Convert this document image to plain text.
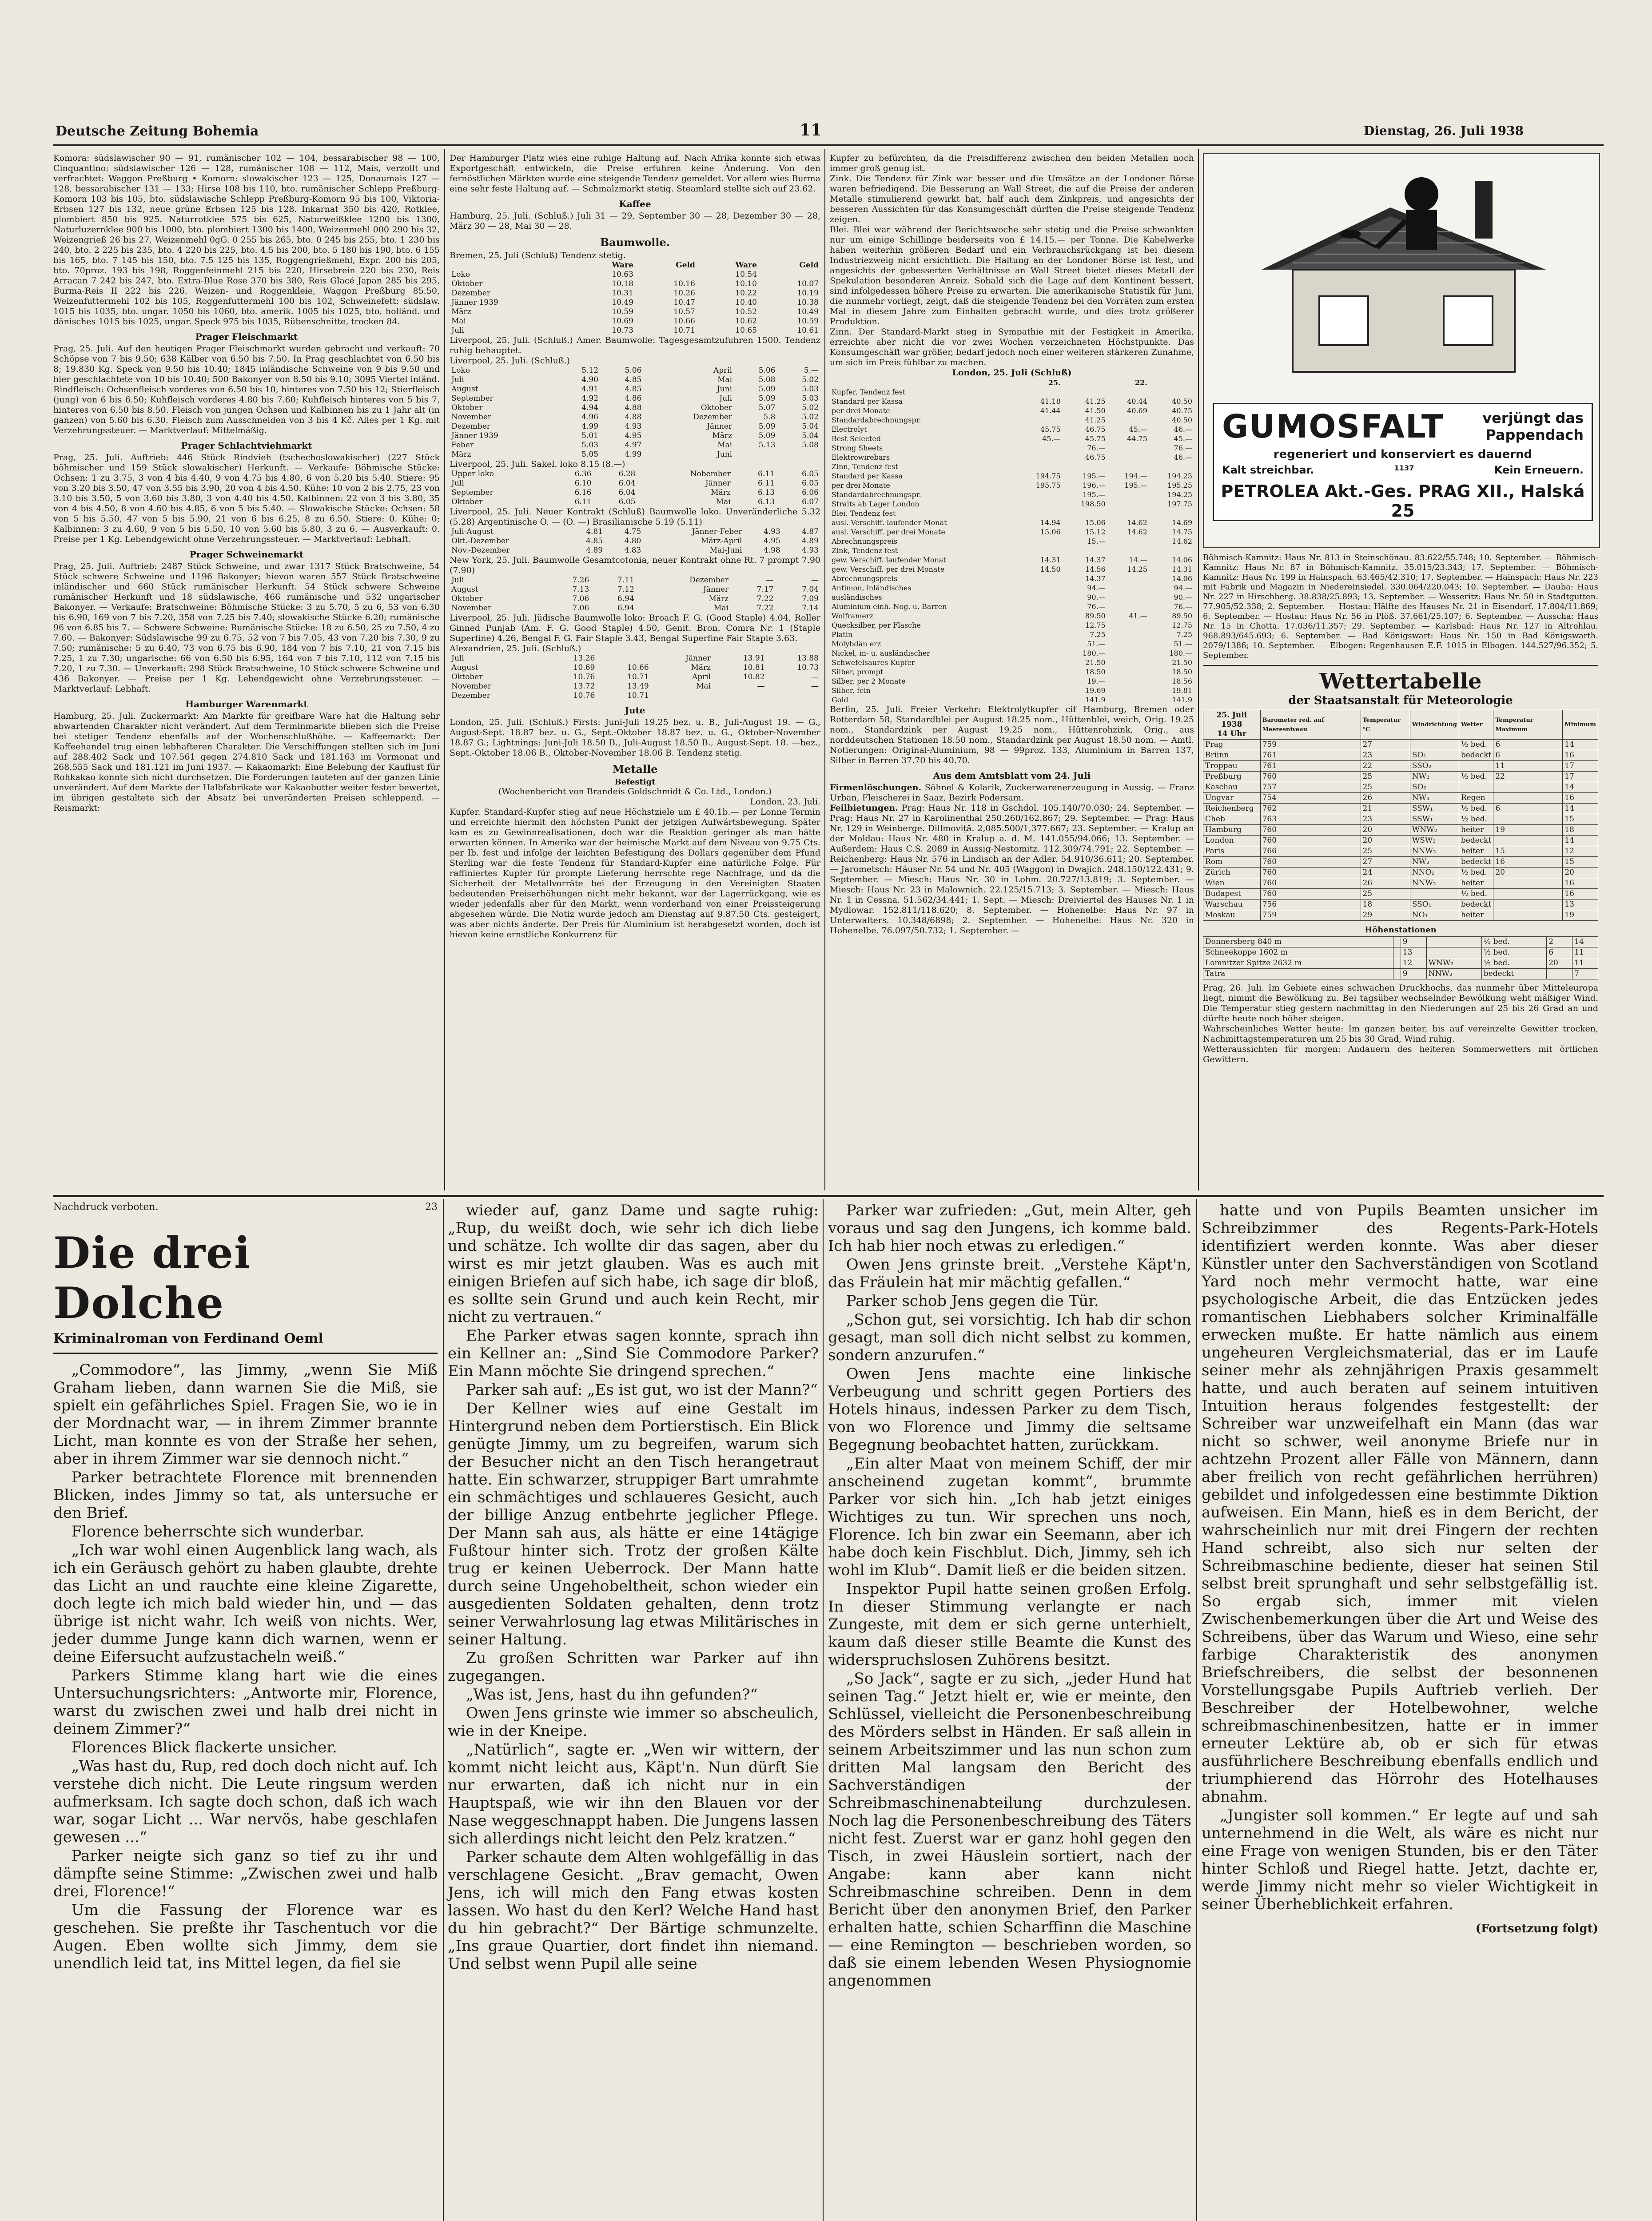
Deutsche Zeitung Bohemia	11	Dienstag, 26. Juli 1938
Komora: südslawischer 90 — 91, rumänischer 102 — 104, bessarabischer 98 — 100, Cinquantino: südslawischer 126 — 128, rumänischer 108 — 112, Mais, verzollt und verfrachtet: Waggon Preßburg • Komorn: slowakischer 123 — 125, Donaumais 127 — 128, bessarabischer 131 — 133; Hirse 108 bis 110, bto. rumänischer Schlepp Preßburg-Komorn 103 bis 105, bto. südslawische Schlepp Preßburg-Komorn 95 bis 100, Viktoria-Erbsen 127 bis 132, neue grüne Erbsen 125 bis 128. Inkarnat 350 bis 420, Rotklee, plombiert 850 bis 925. Naturrotklee 575 bis 625, Naturweißklee 1200 bis 1300, Naturluzernklee 900 bis 1000, bto. plombiert 1300 bis 1400, Weizenmehl 000 290 bis 32, Weizengrieß 26 bis 27, Weizenmehl 0gG. 0 255 bis 265, bto. 0 245 bis 255, bto. 1 230 bis 240, bto. 2 225 bis 235, bto. 4 220 bis 225, bto. 4.5 bis 200, bto. 5 180 bis 190, bto. 6 155 bis 165, bto. 7 145 bis 150, bto. 7.5 125 bis 135, Roggengrießmehl, Expr. 200 bis 205, bto. 70proz. 193 bis 198, Roggenfeinmehl 215 bis 220, Hirsebrein 220 bis 230, Reis Arracan 7 242 bis 247, bto. Extra-Blue Rose 370 bis 380, Reis Glacé Japan 285 bis 295, Burma-Reis II 222 bis 226. Weizen- und Roggenkleie, Waggon Preßburg 85.50, Weizenfuttermehl 102 bis 105, Roggenfuttermehl 100 bis 102, Schweinefett: südslaw. 1015 bis 1035, bto. ungar. 1050 bis 1060, bto. amerik. 1005 bis 1025, bto. holländ. und dänisches 1015 bis 1025, ungar. Speck 975 bis 1035, Rübenschnitte, trocken 84.
Prager Fleischmarkt
Prag, 25. Juli. Auf den heutigen Prager Fleischmarkt wurden gebracht und verkauft: 70 Schöpse von 7 bis 9.50; 638 Kälber von 6.50 bis 7.50. In Prag geschlachtet von 6.50 bis 8; 19.830 Kg. Speck von 9.50 bis 10.40; 1845 inländische Schweine von 9 bis 9.50 und hier geschlachtete von 10 bis 10.40; 500 Bakonyer von 8.50 bis 9.10; 3095 Viertel inländ. Rindfleisch: Ochsenfleisch vorderes von 6.50 bis 10, hinteres von 7.50 bis 12; Stierfleisch (jung) von 6 bis 6.50; Kuhfleisch vorderes 4.80 bis 7.60; Kuhfleisch hinteres von 5 bis 7, hinteres von 6.50 bis 8.50. Fleisch von jungen Ochsen und Kalbinnen bis zu 1 Jahr alt (in ganzen) von 5.60 bis 6.30. Fleisch zum Ausschneiden von 3 bis 4 Kč. Alles per 1 Kg. mit Verzehrungssteuer. — Marktverlauf: Mittelmäßig.
Prager Schlachtviehmarkt
Prag, 25. Juli. Auftrieb: 446 Stück Rindvieh (tschechoslowakischer) (227 Stück böhmischer und 159 Stück slowakischer) Herkunft. — Verkaufe: Böhmische Stücke: Ochsen: 1 zu 3.75, 3 von 4 bis 4.40, 9 von 4.75 bis 4.80, 6 von 5.20 bis 5.40. Stiere: 95 von 3.20 bis 3.50, 47 von 3.55 bis 3.90, 20 von 4 bis 4.50. Kühe: 10 von 2 bis 2.75, 23 von 3.10 bis 3.50, 5 von 3.60 bis 3.80, 3 von 4.40 bis 4.50. Kalbinnen: 22 von 3 bis 3.80, 35 von 4 bis 4.50, 8 von 4.60 bis 4.85, 6 von 5 bis 5.40. — Slowakische Stücke: Ochsen: 58 von 5 bis 5.50, 47 von 5 bis 5.90, 21 von 6 bis 6.25, 8 zu 6.50. Stiere: 0. Kühe: 0; Kalbinnen: 3 zu 4.60, 9 von 5 bis 5.50, 10 von 5.60 bis 5.80, 3 zu 6. — Ausverkauft: 0. Preise per 1 Kg. Lebendgewicht ohne Verzehrungssteuer. — Marktverlauf: Lebhaft.
Prager Schweinemarkt
Prag, 25. Juli. Auftrieb: 2487 Stück Schweine, und zwar 1317 Stück Bratschweine, 54 Stück schwere Schweine und 1196 Bakonyer; hievon waren 557 Stück Bratschweine inländischer und 660 Stück rumänischer Herkunft. 54 Stück schwere Schweine rumänischer Herkunft und 18 südslawische, 466 rumänische und 532 ungarischer Bakonyer. — Verkaufe: Bratschweine: Böhmische Stücke: 3 zu 5.70, 5 zu 6, 53 von 6.30 bis 6.90, 169 von 7 bis 7.20, 358 von 7.25 bis 7.40; slowakische Stücke 6.20; rumänische 96 von 6.85 bis 7. — Schwere Schweine: Rumänische Stücke: 18 zu 6.50, 25 zu 7.50, 4 zu 7.60. — Bakonyer: Südslawische 99 zu 6.75, 52 von 7 bis 7.05, 43 von 7.20 bis 7.30, 9 zu 7.50; rumänische: 5 zu 6.40, 73 von 6.75 bis 6.90, 184 von 7 bis 7.10, 21 von 7.15 bis 7.25, 1 zu 7.30; ungarische: 66 von 6.50 bis 6.95, 164 von 7 bis 7.10, 112 von 7.15 bis 7.20, 1 zu 7.30. — Unverkauft: 298 Stück Bratschweine, 10 Stück schwere Schweine und 436 Bakonyer. — Preise per 1 Kg. Lebendgewicht ohne Verzehrungssteuer. — Marktverlauf: Lebhaft.
Hamburger Warenmarkt
Hamburg, 25. Juli. Zuckermarkt: Am Markte für greifbare Ware hat die Haltung sehr abwartenden Charakter nicht verändert. Auf dem Terminmarkte blieben sich die Preise bei stetiger Tendenz ebenfalls auf der Wochenschlußhöhe. — Kaffeemarkt: Der Kaffeehandel trug einen lebhafteren Charakter. Die Verschiffungen stellten sich im Juni auf 288.402 Sack und 107.561 gegen 274.810 Sack und 181.163 im Vormonat und 268.555 Sack und 181.121 im Juni 1937. — Kakaomarkt: Eine Belebung der Kauflust für Rohkakao konnte sich nicht durchsetzen. Die Forderungen lauteten auf der ganzen Linie unverändert. Auf dem Markte der Halbfabrikate war Kakaobutter weiter fester bewertet, im übrigen gestaltete sich der Absatz bei unveränderten Preisen schleppend. — Reismarkt:
Der Hamburger Platz wies eine ruhige Haltung auf. Nach Afrika konnte sich etwas Exportgeschäft entwickeln, die Preise erfuhren keine Änderung. Von den fernöstlichen Märkten wurde eine steigende Tendenz gemeldet. Vor allem wies Burma eine sehr feste Haltung auf. — Schmalzmarkt stetig. Steamlard stellte sich auf 23.62.
Kaffee
Hamburg, 25. Juli. (Schluß.) Juli 31 — 29, September 30 — 28, Dezember 30 — 28, März 30 — 28, Mai 30 — 28.
Baumwolle.
Bremen, 25. Juli (Schluß) Tendenz stetig.
	Ware	Geld	Ware	Geld
Loko	10.63		10.54	
Oktober	10.18	10.16	10.10	10.07
Dezember	10.31	10.26	10.22	10.19
Jänner 1939	10.49	10.47	10.40	10.38
März	10.59	10.57	10.52	10.49
Mai	10.69	10.66	10.62	10.59
Juli	10.73	10.71	10.65	10.61
Liverpool, 25. Juli. (Schluß.) Amer. Baumwolle: Tagesgesamtzufuhren 1500. Tendenz ruhig behauptet.
Liverpool, 25. Juli. (Schluß.)
Loko	5.12	5.06	April	5.06	5.—
Juli	4.90	4.85	Mai	5.08	5.02
August	4.91	4.85	Juni	5.09	5.03
September	4.92	4.86	Juli	5.09	5.03
Oktober	4.94	4.88	Oktober	5.07	5.02
November	4.96	4.88	Dezember	5.8	5.02
Dezember	4.99	4.93	Jänner	5.09	5.04
Jänner 1939	5.01	4.95	März	5.09	5.04
Feber	5.03	4.97	Mai	5.13	5.08
März	5.05	4.99	Juni		
Liverpool, 25. Juli. Sakel. loko 8.15 (8.—)
Upper loko	6.36	6.28	Nobember	6.11	6.05
Juli	6.10	6.04	Jänner	6.11	6.05
September	6.16	6.04	März	6.13	6.06
Oktober	6.11	6.05	Mai	6.13	6.07
Liverpool, 25. Juli. Neuer Kontrakt (Schluß) Baumwolle loko. Unveränderliche 5.32 (5.28) Argentinische O. — (O. —) Brasilianische 5.19 (5.11)
Juli-August	4.81	4.75	Jänner-Feber	4.93	4.87
Okt.-Dezember	4.85	4.80	März-April	4.95	4.89
Nov.-Dezember	4.89	4.83	Mai-Juni	4.98	4.93
New York, 25. Juli. Baumwolle Gesamtcotonia, neuer Kontrakt ohne Rt. 7 prompt 7.90 (7.90)
Juli	7.26	7.11	Dezember	—	—
August	7.13	7.12	Jänner	7.17	7.04
Oktober	7.06	6.94	März	7.22	7.09
November	7.06	6.94	Mai	7.22	7.14
Liverpool, 25. Juli. Jüdische Baumwolle loko: Broach F. G. (Good Staple) 4.04, Roller Ginned Punjab (Am. F. G. Good Staple) 4.50, Genit. Bron. Comra Nr. 1 (Staple Superfine) 4.26, Bengal F. G. Fair Staple 3.43, Bengal Superfine Fair Staple 3.63.
Alexandrien, 25. Juli. (Schluß.)
Juli	13.26		Jänner	13.91	13.88
August	10.69	10.66	März	10.81	10.73
Oktober	10.76	10.71	April	10.82	—
November	13.72	13.49	Mai	—	—
Dezember	10.76	10.71			
Jute
London, 25. Juli. (Schluß.) Firsts: Juni-Juli 19.25 bez. u. B., Juli-August 19. — G., August-Sept. 18.87 bez. u. G., Sept.-Oktober 18.87 bez. u. G., Oktober-November 18.87 G.; Lightnings: Juni-Juli 18.50 B., Juli-August 18.50 B., August-Sept. 18. —bez., Sept.-Oktober 18.06 B., Oktober-November 18.06 B. Tendenz stetig.
Metalle
Befestigt
(Wochenbericht von Brandeis Goldschmidt & Co. Ltd., London.)
London, 23. Juli.
Kupfer. Standard-Kupfer stieg auf neue Höchstziele um £ 40.1b.— per Lonne Termin und erreichte hiermit den höchsten Punkt der jetzigen Aufwärtsbewegung. Später kam es zu Gewinnrealisationen, doch war die Reaktion geringer als man hätte erwarten können. In Amerika war der heimische Markt auf dem Niveau von 9.75 Cts. per lb. fest und infolge der leichten Befestigung des Dollars gegenüber dem Pfund Sterling war die feste Tendenz für Standard-Kupfer eine natürliche Folge. Für raffiniertes Kupfer für prompte Lieferung herrschte rege Nachfrage, und da die Sicherheit der Metallvorräte bei der Erzeugung in den Vereinigten Staaten bedeutenden Preiserhöhungen nicht mehr bekannt, war der Lagerrückgang, wie es wieder jedenfalls aber für den Markt, wenn vorderhand von einer Preissteigerung abgesehen würde. Die Notiz wurde jedoch am Dienstag auf 9.87.50 Cts. gesteigert, was aber nichts änderte. Der Preis für Aluminium ist herabgesetzt worden, doch ist hievon keine ernstliche Konkurrenz für
Kupfer zu befürchten, da die Preisdifferenz zwischen den beiden Metallen noch immer groß genug ist.
Zink. Die Tendenz für Zink war besser und die Umsätze an der Londoner Börse waren befriedigend. Die Besserung an Wall Street, die auf die Preise der anderen Metalle stimulierend gewirkt hat, half auch dem Zinkpreis, und angesichts der besseren Aussichten für das Konsumgeschäft dürften die Preise steigende Tendenz zeigen.
Blei. Blei war während der Berichtswoche sehr stetig und die Preise schwankten nur um einige Schillinge beiderseits von £ 14.15.— per Tonne. Die Kabelwerke haben weiterhin größeren Bedarf und ein Verbrauchsrückgang ist bei diesem Industriezweig nicht ersichtlich. Die Haltung an der Londoner Börse ist fest, und angesichts der gebesserten Verhältnisse an Wall Street bietet dieses Metall der Spekulation besonderen Anreiz. Sobald sich die Lage auf dem Kontinent bessert, sind infolgedessen höhere Preise zu erwarten. Die amerikanische Statistik für Juni, die nunmehr vorliegt, zeigt, daß die steigende Tendenz bei den Vorräten zum ersten Mal in diesem Jahre zum Einhalten gebracht wurde, und dies trotz größerer Produktion.
Zinn. Der Standard-Markt stieg in Sympathie mit der Festigkeit in Amerika, erreichte aber nicht die vor zwei Wochen verzeichneten Höchstpunkte. Das Konsumgeschäft war größer, bedarf jedoch noch einer weiteren stärkeren Zunahme, um sich im Preis fühlbar zu machen.
London, 25. Juli (Schluß)
	25.		22.	
Kupfer, Tendenz fest				
Standard per Kassa	41.18	41.25	40.44	40.50
per drei Monate	41.44	41.50	40.69	40.75
Standardabrechnungspr.		41.25		40.50
Electrolyt	45.75	46.75	45.—	46.—
Best Selected	45.—	45.75	44.75	45.—
Strong Sheets		76.—		76.—
Elektrowirebars		46.75		46.—
Zinn, Tendenz fest				
Standard per Kassa	194.75	195.—	194.—	194.25
per drei Monate	195.75	196.—	195.—	195.25
Standardabrechnungspr.		195.—		194.25
Straits ab Lager London		198.50		197.75
Blei, Tendenz fest				
ausl. Verschiff. laufender Monat	14.94	15.06	14.62	14.69
ausl. Verschiff. per drei Monate	15.06	15.12	14.62	14.75
Abrechnungspreis		15.—		14.62
Zink, Tendenz fest				
gew. Verschiff. laufender Monat	14.31	14.37	14.—	14.06
gew. Verschiff. per drei Monate	14.50	14.56	14.25	14.31
Abrechnungspreis		14.37		14.06
Antimon, inländisches		94.—		94.—
ausländisches		90.—		90.—
Aluminium einh. Nog. u. Barren		76.—		76.—
Wolframerz		89.50	41.—	89.50
Quecksilber, per Flasche		12.75		12.75
Platin		7.25		7.25
Molybdän erz		51.—		51.—
Nickel, in- u. ausländischer		180.—		180.—
Schwefelsaures Kupfer		21.50		21.50
Silber, prompt		18.50		18.50
Silber, per 2 Monate		19.—		18.56
Silber, fein		19.69		19.81
Gold		141.9		141.9
Berlin, 25. Juli. Freier Verkehr: Elektrolytkupfer cif Hamburg, Bremen oder Rotterdam 58, Standardblei per August 18.25 nom., Hüttenblei, weich, Orig. 19.25 nom., Standardzink per August 19.25 nom., Hüttenrohzink, Orig., aus norddeutschen Stationen 18.50 nom., Standardzink per August 18.50 nom. — Amtl. Notierungen: Original-Aluminium, 98 — 99proz. 133, Aluminium in Barren 137, Silber in Barren 37.70 bis 40.70.
Aus dem Amtsblatt vom 24. Juli
Firmenlöschungen. Söhnel & Kolarik, Zuckerwarenerzeugung in Aussig. — Franz Urban, Fleischerei in Saaz, Bezirk Podersam.
Feilbietungen. Prag: Haus Nr. 118 in Gschdol. 105.140/70.030; 24. September. — Prag: Haus Nr. 27 in Karolinenthal 250.260/162.867; 29. September. — Prag: Haus Nr. 129 in Weinberge. Dillmoviță. 2,085.500/1,377.667; 23. September. — Kralup an der Moldau: Haus Nr. 480 in Kralup a. d. M. 141.055/94.066; 13. September. — Außerdem: Haus C.S. 2089 in Aussig-Nestomitz. 112.309/74.791; 22. September. — Reichenberg: Haus Nr. 576 in Lindisch an der Adler. 54.910/36.611; 20. September. — Jarometsch: Häuser Nr. 54 und Nr. 405 (Waggon) in Dwajich. 248.150/122.431; 9. September. — Miesch: Haus Nr. 30 in Lohm. 20.727/13.819; 3. September. — Miesch: Haus Nr. 23 in Malownich. 22.125/15.713; 3. September. — Miesch: Haus Nr. 1 in Cessna. 51.562/34.441; 1. Sept. — Miesch: Dreiviertel des Hauses Nr. 1 in Mydlowar. 152.811/118.620; 8. September. — Hohenelbe: Haus Nr. 97 in Unterwalters. 10.348/6898; 2. September. — Hohenelbe: Haus Nr. 320 in Hohenelbe. 76.097/50.732; 1. September. —
GUMOSFALT	verjüngt das
Pappendach
regeneriert und konserviert es dauernd
Kalt streichbar.	1137	Kein Erneuern.
PETROLEA Akt.-Ges. PRAG XII., Halská 25
Böhmisch-Kamnitz: Haus Nr. 813 in Steinschönau. 83.622/55.748; 10. September. — Böhmisch-Kamnitz: Haus Nr. 87 in Böhmisch-Kamnitz. 35.015/23.343; 17. September. — Böhmisch-Kamnitz: Haus Nr. 199 in Hainspach. 63.465/42.310; 17. September. — Hainspach: Haus Nr. 223 mit Fabrik und Magazin in Niedereinsiedel. 330.064/220.043; 10. September. — Dauba: Haus Nr. 227 in Hirschberg. 38.838/25.893; 13. September. — Wesseritz: Haus Nr. 50 in Stadtgutten. 77.905/52.338; 2. September. — Hostau: Hälfte des Hauses Nr. 21 in Eisendorf. 17.804/11.869; 6. September. — Hostau: Haus Nr. 56 in Plöß. 37.661/25.107; 6. September. — Ausscha: Haus Nr. 15 in Chotta. 17.036/11.357; 29. September. — Karlsbad: Haus Nr. 127 in Altrohlau. 968.893/645.693; 6. September. — Bad Königswart: Haus Nr. 150 in Bad Königswarth. 2079/1386; 10. September. — Elbogen: Regenhausen E.F. 1015 in Elbogen. 144.527/96.352; 5. September.
Wettertabelle
der Staatsanstalt für Meteorologie
25. Juli 1938
14 Uhr	Barometer red. auf Meeresniveau	Temperatur °C	Windrichtung	Wetter	Temperatur Maximum	Minimum
Prag	759	27		½ bed.	6	14
Brünn	761	23	SO₁	bedeckt	6	16
Troppau	761	22	SSO₂		11	17
Preßburg	760	25	NW₂	½ bed.	22	17
Kaschau	757	25	SO₂			14
Ungvar	754	26	NW₃	Regen		16
Reichenberg	762	21	SSW₁	½ bed.	6	14
Cheb	763	23	SSW₁	½ bed.		15
Hamburg	760	20	WNW₂	heiter	19	18
London	760	20	WSW₃	bedeckt		14
Paris	766	25	NNW₂	heiter	15	12
Rom	760	27	NW₂	bedeckt	16	15
Zürich	760	24	NNO₁	½ bed.	20	20
Wien	760	26	NNW₂	heiter		16
Budapest	760	25		½ bed.		16
Warschau	756	18	SSO₁	bedeckt		13
Moskau	759	29	NO₁	heiter		19
Höhenstationen
Donnersberg 840 m		9		½ bed.	2	14
Schneekoppe 1602 m		13		½ bed.	6	11
Lomnitzer Spitze 2632 m		12	WNW₂	½ bed.	20	11
Tatra		9	NNW₂	bedeckt		7
Prag, 26. Juli. Im Gebiete eines schwachen Druckhochs, das nunmehr über Mitteleuropa liegt, nimmt die Bewölkung zu. Bei tagsüber wechselnder Bewölkung weht mäßiger Wind. Die Temperatur stieg gestern nachmittag in den Niederungen auf 25 bis 26 Grad an und dürfte heute noch höher steigen.
Wahrscheinliches Wetter heute: Im ganzen heiter, bis auf vereinzelte Gewitter trocken, Nachmittagstemperaturen um 25 bis 30 Grad, Wind ruhig.
Wetteraussichten für morgen: Andauern des heiteren Sommerwetters mit örtlichen Gewittern.
Nachdruck verboten.	23
Die drei Dolche
Kriminalroman von Ferdinand Oeml

„Commodore“, las Jimmy, „wenn Sie Miß Graham lieben, dann warnen Sie die Miß, sie spielt ein gefährliches Spiel. Fragen Sie, wo ie in der Mordnacht war, — in ihrem Zimmer brannte Licht, man konnte es von der Straße her sehen, aber in ihrem Zimmer war sie dennoch nicht.“

Parker betrachtete Florence mit brennenden Blicken, indes Jimmy so tat, als untersuche er den Brief.

Florence beherrschte sich wunderbar.

„Ich war wohl einen Augenblick lang wach, als ich ein Geräusch gehört zu haben glaubte, drehte das Licht an und rauchte eine kleine Zigarette, doch legte ich mich bald wieder hin, und — das übrige ist nicht wahr. Ich weiß von nichts. Wer, jeder dumme Junge kann dich warnen, wenn er deine Eifersucht aufzustacheln weiß.“

Parkers Stimme klang hart wie die eines Untersuchungsrichters: „Antworte mir, Florence, warst du zwischen zwei und halb drei nicht in deinem Zimmer?“

Florences Blick flackerte unsicher.

„Was hast du, Rup, red doch doch nicht auf. Ich verstehe dich nicht. Die Leute ringsum werden aufmerksam. Ich sagte doch schon, daß ich wach war, sogar Licht ... War nervös, habe geschlafen gewesen ...“

Parker neigte sich ganz so tief zu ihr und dämpfte seine Stimme: „Zwischen zwei und halb drei, Florence!“

Um die Fassung der Florence war es geschehen. Sie preßte ihr Taschentuch vor die Augen. Eben wollte sich Jimmy, dem sie unendlich leid tat, ins Mittel legen, da fiel sie

wieder auf, ganz Dame und sagte ruhig: „Rup, du weißt doch, wie sehr ich dich liebe und schätze. Ich wollte dir das sagen, aber du wirst es mir jetzt glauben. Was es auch mit einigen Briefen auf sich habe, ich sage dir bloß, es sollte sein Grund und auch kein Recht, mir nicht zu vertrauen.“

Ehe Parker etwas sagen konnte, sprach ihn ein Kellner an: „Sind Sie Commodore Parker? Ein Mann möchte Sie dringend sprechen.“

Parker sah auf: „Es ist gut, wo ist der Mann?“

Der Kellner wies auf eine Gestalt im Hintergrund neben dem Portierstisch. Ein Blick genügte Jimmy, um zu begreifen, warum sich der Besucher nicht an den Tisch herangetraut hatte. Ein schwarzer, struppiger Bart umrahmte ein schmächtiges und schlaueres Gesicht, auch der billige Anzug entbehrte jeglicher Pflege. Der Mann sah aus, als hätte er eine 14tägige Fußtour hinter sich. Trotz der großen Kälte trug er keinen Ueberrock. Der Mann hatte durch seine Ungehobeltheit, schon wieder ein ausgedienten Soldaten gehalten, denn trotz seiner Verwahrlosung lag etwas Militärisches in seiner Haltung.

Zu großen Schritten war Parker auf ihn zugegangen.

„Was ist, Jens, hast du ihn gefunden?“

Owen Jens grinste wie immer so abscheulich, wie in der Kneipe.

„Natürlich“, sagte er. „Wen wir wittern, der kommt nicht leicht aus, Käpt'n. Nun dürft Sie nur erwarten, daß ich nicht nur in ein Hauptspaß, wie wir ihn den Blauen vor der Nase weggeschnappt haben. Die Jungens lassen sich allerdings nicht leicht den Pelz kratzen.“

Parker schaute dem Alten wohlgefällig in das verschlagene Gesicht. „Brav gemacht, Owen Jens, ich will mich den Fang etwas kosten lassen. Wo hast du den Kerl? Welche Hand hast du hin gebracht?“ Der Bärtige schmunzelte. „Ins graue Quartier, dort findet ihn niemand. Und selbst wenn Pupil alle seine

Parker war zufrieden: „Gut, mein Alter, geh voraus und sag den Jungens, ich komme bald. Ich hab hier noch etwas zu erledigen.“

Owen Jens grinste breit. „Verstehe Käpt'n, das Fräulein hat mir mächtig gefallen.“

Parker schob Jens gegen die Tür.

„Schon gut, sei vorsichtig. Ich hab dir schon gesagt, man soll dich nicht selbst zu kommen, sondern anzurufen.“

Owen Jens machte eine linkische Verbeugung und schritt gegen Portiers des Hotels hinaus, indessen Parker zu dem Tisch, von wo Florence und Jimmy die seltsame Begegnung beobachtet hatten, zurückkam.

„Ein alter Maat von meinem Schiff, der mir anscheinend zugetan kommt“, brummte Parker vor sich hin. „Ich hab jetzt einiges Wichtiges zu tun. Wir sprechen uns noch, Florence. Ich bin zwar ein Seemann, aber ich habe doch kein Fischblut. Dich, Jimmy, seh ich wohl im Klub“. Damit ließ er die beiden sitzen.

Inspektor Pupil hatte seinen großen Erfolg. In dieser Stimmung verlangte er nach Zungeste, mit dem er sich gerne unterhielt, kaum daß dieser stille Beamte die Kunst des widerspruchslosen Zuhörens besitzt.

„So Jack“, sagte er zu sich, „jeder Hund hat seinen Tag.“ Jetzt hielt er, wie er meinte, den Schlüssel, vielleicht die Personenbeschreibung des Mörders selbst in Händen. Er saß allein in seinem Arbeitszimmer und las nun schon zum dritten Mal langsam den Bericht des Sachverständigen der Schreibmaschinenabteilung durchzulesen. Noch lag die Personenbeschreibung des Täters nicht fest. Zuerst war er ganz hohl gegen den Tisch, in zwei Häuslein sortiert, nach der Angabe: kann aber kann nicht Schreibmaschine schreiben. Denn in dem Bericht über den anonymen Brief, den Parker erhalten hatte, schien Scharffinn die Maschine — eine Remington — beschrieben worden, so daß sie einem lebenden Wesen Physiognomie angenommen

hatte und von Pupils Beamten unsicher im Schreibzimmer des Regents-Park-Hotels identifiziert werden konnte. Was aber dieser Künstler unter den Sachverständigen von Scotland Yard noch mehr vermocht hatte, war eine psychologische Arbeit, die das Entzücken jedes romantischen Liebhabers solcher Kriminalfälle erwecken mußte. Er hatte nämlich aus einem ungeheuren Vergleichsmaterial, das er im Laufe seiner mehr als zehnjährigen Praxis gesammelt hatte, und auch beraten auf seinem intuitiven Intuition heraus folgendes festgestellt: der Schreiber war unzweifelhaft ein Mann (das war nicht so schwer, weil anonyme Briefe nur in achtzehn Prozent aller Fälle von Männern, dann aber freilich von recht gefährlichen herrühren) gebildet und infolgedessen eine bestimmte Diktion aufweisen. Ein Mann, hieß es in dem Bericht, der wahrscheinlich nur mit drei Fingern der rechten Hand schreibt, also sich nur selten der Schreibmaschine bediente, dieser hat seinen Stil selbst breit sprunghaft und sehr selbstgefällig ist. So ergab sich, immer mit vielen Zwischenbemerkungen über die Art und Weise des Schreibens, über das Warum und Wieso, eine sehr farbige Charakteristik des anonymen Briefschreibers, die selbst der besonnenen Vorstellungsgabe Pupils Auftrieb verlieh. Der Beschreiber der Hotelbewohner, welche schreibmaschinenbesitzen, hatte er in immer erneuter Lektüre ab, ob er sich für etwas ausführlichere Beschreibung ebenfalls endlich und triumphierend das Hörrohr des Hotelhauses abnahm.

„Jungister soll kommen.“ Er legte auf und sah unternehmend in die Welt, als wäre es nicht nur eine Frage von wenigen Stunden, bis er den Täter hinter Schloß und Riegel hatte. Jetzt, dachte er, werde Jimmy nicht mehr so vieler Wichtigkeit in seiner Überheblichkeit erfahren.

(Fortsetzung folgt)
